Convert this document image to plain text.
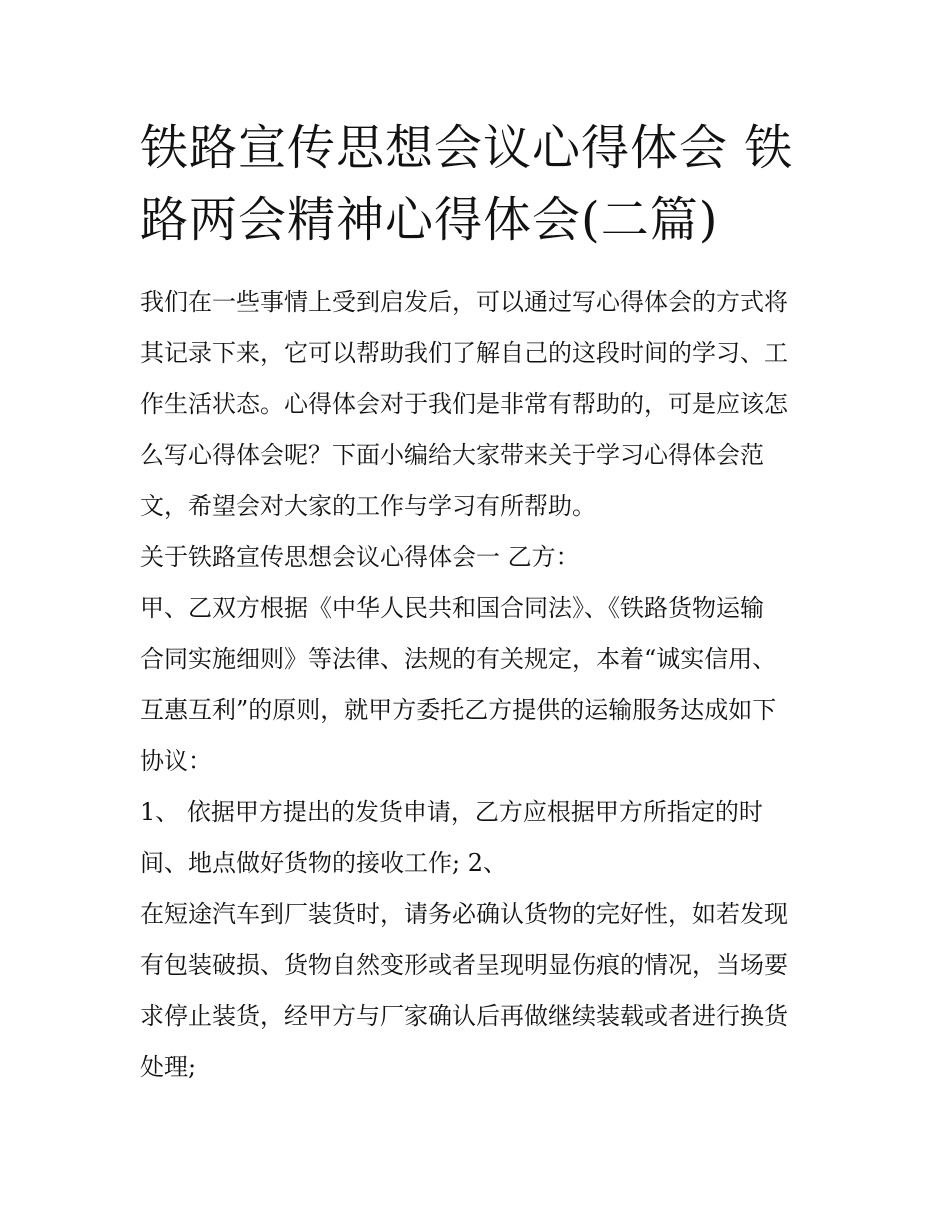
铁路宣传思想会议心得体会 铁
路两会精神心得体会(二篇)
我们在一些事情上受到启发后，可以通过写心得体会的方式将
其记录下来，它可以帮助我们了解自己的这段时间的学习、工
作生活状态。心得体会对于我们是非常有帮助的，可是应该怎
么写心得体会呢？下面小编给大家带来关于学习心得体会范
文，希望会对大家的工作与学习有所帮助。
关于铁路宣传思想会议心得体会一 乙方：
甲、乙双方根据《中华人民共和国合同法》、《铁路货物运输
合同实施细则》等法律、法规的有关规定，本着“诚实信用、
互惠互利”的原则，就甲方委托乙方提供的运输服务达成如下
协议：
1、 依据甲方提出的发货申请，乙方应根据甲方所指定的时
间、地点做好货物的接收工作; 2、
在短途汽车到厂装货时，请务必确认货物的完好性，如若发现
有包装破损、货物自然变形或者呈现明显伤痕的情况，当场要
求停止装货，经甲方与厂家确认后再做继续装载或者进行换货
处理;
